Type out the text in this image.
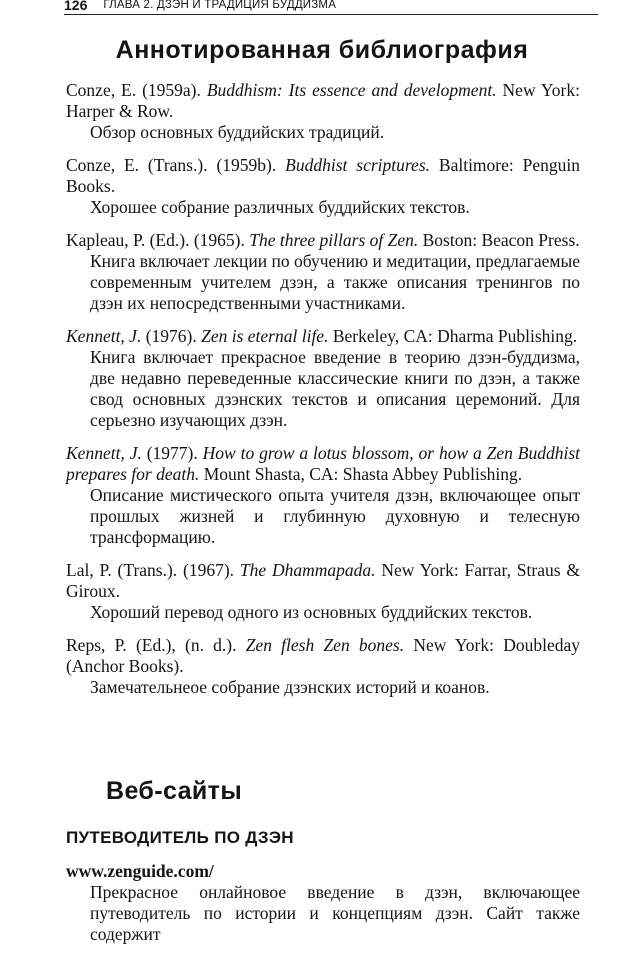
126 ГЛАВА 2. ДЗЭН И ТРАДИЦИЯ БУДДИЗМА
Аннотированная библиография
Conze, E. (1959a). Buddhism: Its essence and development. New York: Harper & Row.
Обзор основных буддийских традиций.
Conze, E. (Trans.). (1959b). Buddhist scriptures. Baltimore: Penguin Books.
Хорошее собрание различных буддийских текстов.
Kapleau, P. (Ed.). (1965). The three pillars of Zen. Boston: Beacon Press.
Книга включает лекции по обучению и медитации, предлагаемые современным учителем дзэн, а также описания тренингов по дзэн их непосредственными участниками.
Kennett, J. (1976). Zen is eternal life. Berkeley, CA: Dharma Publishing.
Книга включает прекрасное введение в теорию дзэн-буддизма, две недавно переведенные классические книги по дзэн, а также свод основных дзэнских текстов и описания церемоний. Для серьезно изучающих дзэн.
Kennett, J. (1977). How to grow a lotus blossom, or how a Zen Buddhist prepares for death. Mount Shasta, CA: Shasta Abbey Publishing.
Описание мистического опыта учителя дзэн, включающее опыт прошлых жизней и глубинную духовную и телесную трансформацию.
Lal, P. (Trans.). (1967). The Dhammapada. New York: Farrar, Straus & Giroux.
Хороший перевод одного из основных буддийских текстов.
Reps, P. (Ed.), (n. d.). Zen flesh Zen bones. New York: Doubleday (Anchor Books).
Замечательнеое собрание дзэнских историй и коанов.
Веб-сайты
ПУТЕВОДИТЕЛЬ ПО ДЗЭН
www.zenguide.com/
Прекрасное онлайновое введение в дзэн, включающее путеводитель по истории и концепциям дзэн. Сайт также содержит
